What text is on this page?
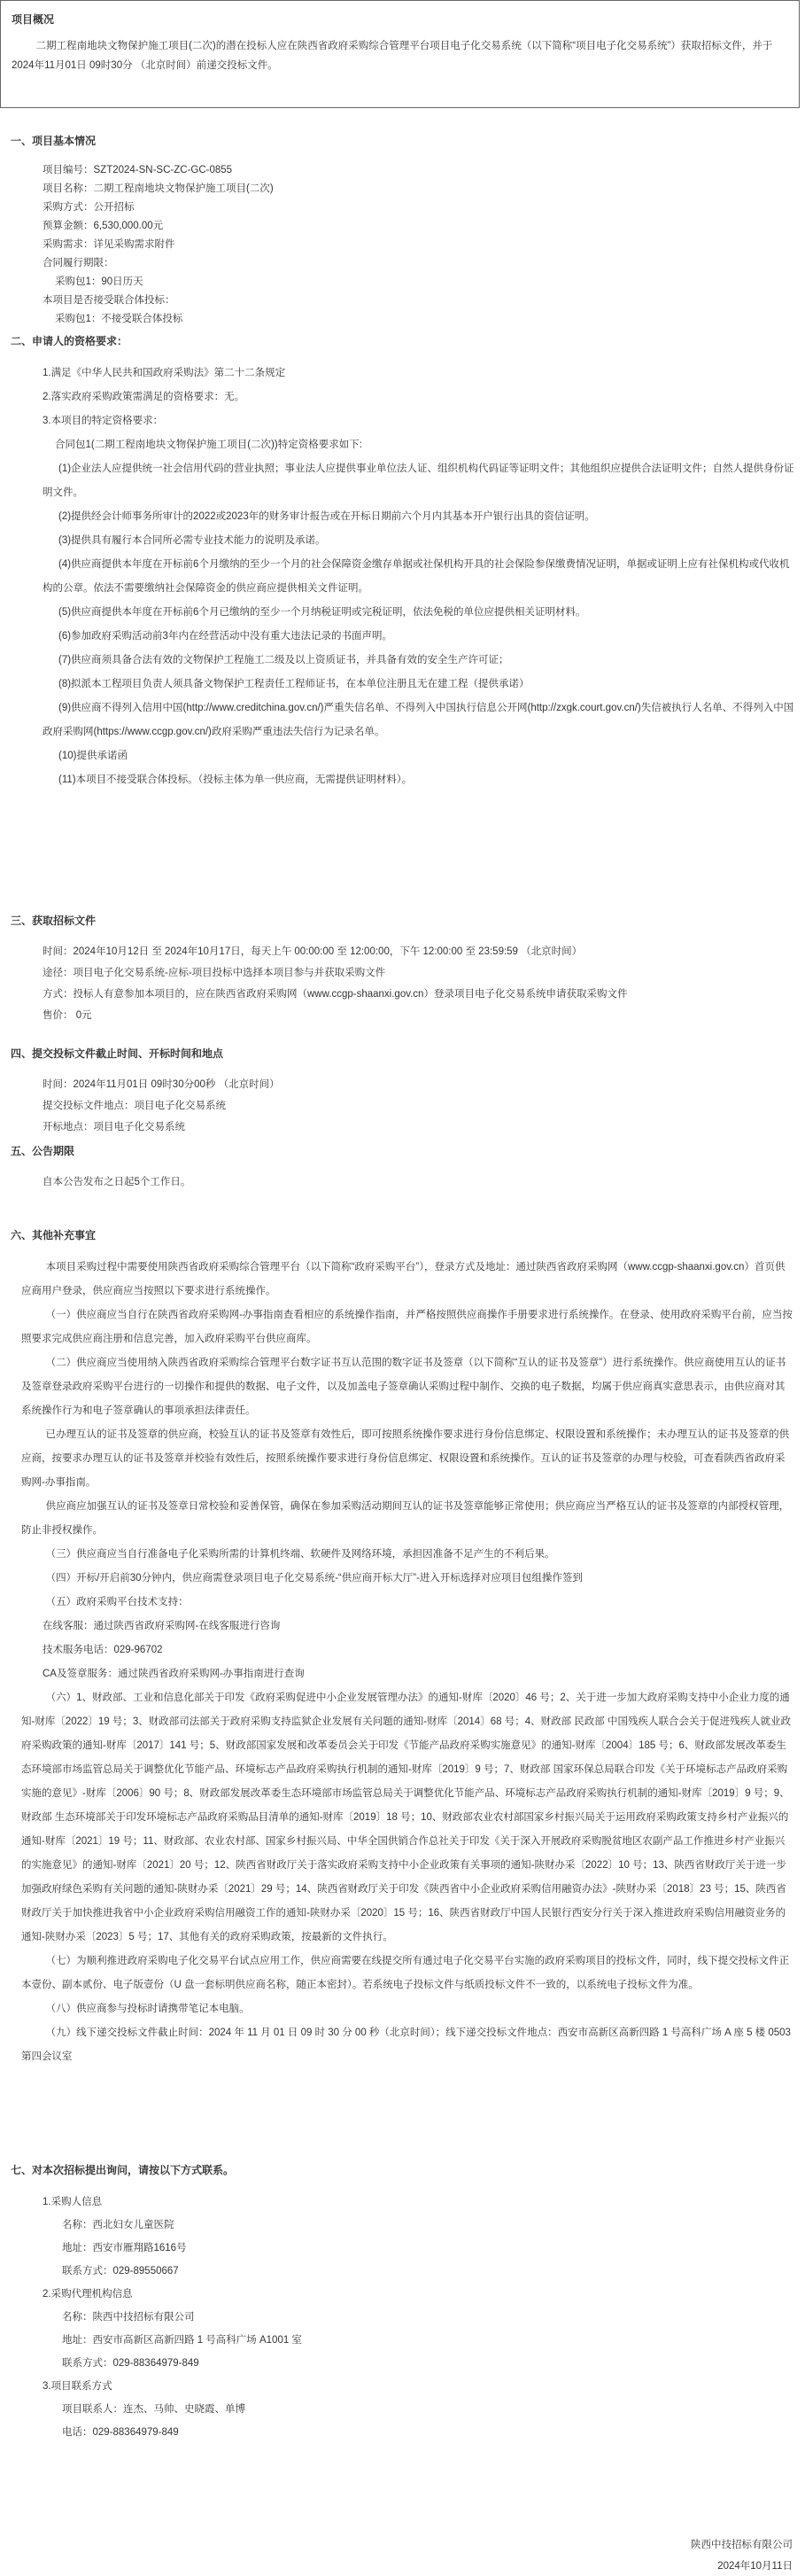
项目概况

二期工程南地块文物保护施工项目(二次)的潜在投标人应在陕西省政府采购综合管理平台项目电子化交易系统（以下简称“项目电子化交易系统”）获取招标文件，并于 2024年11月01日 09时30分 （北京时间）前递交投标文件。

一、项目基本情况

项目编号：SZT2024-SN-SC-ZC-GC-0855

项目名称：二期工程南地块文物保护施工项目(二次)

采购方式：公开招标

预算金额：6,530,000.00元

采购需求：详见采购需求附件

合同履行期限：

采购包1：90日历天

本项目是否接受联合体投标：

采购包1：不接受联合体投标

二、申请人的资格要求：

1.满足《中华人民共和国政府采购法》第二十二条规定

2.落实政府采购政策需满足的资格要求：无。

3.本项目的特定资格要求：

合同包1(二期工程南地块文物保护施工项目(二次))特定资格要求如下:

(1)企业法人应提供统一社会信用代码的营业执照；事业法人应提供事业单位法人证、组织机构代码证等证明文件；其他组织应提供合法证明文件；自然人提供身份证明文件。

(2)提供经会计师事务所审计的2022或2023年的财务审计报告或在开标日期前六个月内其基本开户银行出具的资信证明。

(3)提供具有履行本合同所必需专业技术能力的说明及承诺。

(4)供应商提供本年度在开标前6个月缴纳的至少一个月的社会保障资金缴存单据或社保机构开具的社会保险参保缴费情况证明，单据或证明上应有社保机构或代收机构的公章。依法不需要缴纳社会保障资金的供应商应提供相关文件证明。

(5)供应商提供本年度在开标前6个月已缴纳的至少一个月纳税证明或完税证明，依法免税的单位应提供相关证明材料。

(6)参加政府采购活动前3年内在经营活动中没有重大违法记录的书面声明。

(7)供应商须具备合法有效的文物保护工程施工二级及以上资质证书，并具备有效的安全生产许可证；

(8)拟派本工程项目负责人须具备文物保护工程责任工程师证书，在本单位注册且无在建工程（提供承诺）

(9)供应商不得列入信用中国(http://www.creditchina.gov.cn/)严重失信名单、不得列入中国执行信息公开网(http://zxgk.court.gov.cn/)失信被执行人名单、不得列入中国政府采购网(https://www.ccgp.gov.cn/)政府采购严重违法失信行为记录名单。

(10)提供承诺函

(11)本项目不接受联合体投标。（投标主体为单一供应商，无需提供证明材料）。

三、获取招标文件

时间：2024年10月12日 至 2024年10月17日，每天上午 00:00:00 至 12:00:00，下午 12:00:00 至 23:59:59 （北京时间）

途径：项目电子化交易系统-应标-项目投标中选择本项目参与并获取采购文件

方式：投标人有意参加本项目的，应在陕西省政府采购网（www.ccgp-shaanxi.gov.cn）登录项目电子化交易系统申请获取采购文件

售价： 0元

四、提交投标文件截止时间、开标时间和地点

时间：2024年11月01日 09时30分00秒 （北京时间）

提交投标文件地点：项目电子化交易系统

开标地点：项目电子化交易系统

五、公告期限

自本公告发布之日起5个工作日。

六、其他补充事宜

本项目采购过程中需要使用陕西省政府采购综合管理平台（以下简称“政府采购平台”），登录方式及地址：通过陕西省政府采购网（www.ccgp-shaanxi.gov.cn）首页供应商用户登录，供应商应当按照以下要求进行系统操作。

（一）供应商应当自行在陕西省政府采购网-办事指南查看相应的系统操作指南，并严格按照供应商操作手册要求进行系统操作。在登录、使用政府采购平台前，应当按照要求完成供应商注册和信息完善，加入政府采购平台供应商库。

（二）供应商应当使用纳入陕西省政府采购综合管理平台数字证书互认范围的数字证书及签章（以下简称“互认的证书及签章”）进行系统操作。供应商使用互认的证书及签章登录政府采购平台进行的一切操作和提供的数据、电子文件，以及加盖电子签章确认采购过程中制作、交换的电子数据，均属于供应商真实意思表示，由供应商对其系统操作行为和电子签章确认的事项承担法律责任。

已办理互认的证书及签章的供应商，校验互认的证书及签章有效性后，即可按照系统操作要求进行身份信息绑定、权限设置和系统操作；未办理互认的证书及签章的供应商，按要求办理互认的证书及签章并校验有效性后，按照系统操作要求进行身份信息绑定、权限设置和系统操作。互认的证书及签章的办理与校验，可查看陕西省政府采购网-办事指南。

供应商应加强互认的证书及签章日常校验和妥善保管，确保在参加采购活动期间互认的证书及签章能够正常使用；供应商应当严格互认的证书及签章的内部授权管理，防止非授权操作。

（三）供应商应当自行准备电子化采购所需的计算机终端、软硬件及网络环境，承担因准备不足产生的不利后果。

（四）开标/开启前30分钟内，供应商需登录项目电子化交易系统-“供应商开标大厅”-进入开标选择对应项目包组操作签到

（五）政府采购平台技术支持：

在线客服：通过陕西省政府采购网-在线客服进行咨询

技术服务电话：029-96702

CA及签章服务：通过陕西省政府采购网-办事指南进行查询

（六）1、财政部、工业和信息化部关于印发《政府采购促进中小企业发展管理办法》的通知-财库〔2020〕46 号；2、关于进一步加大政府采购支持中小企业力度的通知-财库〔2022〕19 号；3、财政部司法部关于政府采购支持监狱企业发展有关问题的通知-财库〔2014〕68 号；4、财政部 民政部 中国残疾人联合会关于促进残疾人就业政府采购政策的通知-财库〔2017〕141 号；5、财政部国家发展和改革委员会关于印发《节能产品政府采购实施意见》的通知-财库〔2004〕185 号；6、财政部发展改革委生态环境部市场监管总局关于调整优化节能产品、环境标志产品政府采购执行机制的通知-财库〔2019〕9 号；7、财政部 国家环保总局联合印发《关于环境标志产品政府采购实施的意见》-财库〔2006〕90 号；8、财政部发展改革委生态环境部市场监管总局关于调整优化节能产品、环境标志产品政府采购执行机制的通知-财库〔2019〕9 号；9、财政部 生态环境部关于印发环境标志产品政府采购品目清单的通知-财库〔2019〕18 号；10、财政部农业农村部国家乡村振兴局关于运用政府采购政策支持乡村产业振兴的通知-财库〔2021〕19 号；11、财政部、农业农村部、国家乡村振兴局、中华全国供销合作总社关于印发《关于深入开展政府采购脱贫地区农副产品工作推进乡村产业振兴的实施意见》的通知-财库〔2021〕20 号；12、陕西省财政厅关于落实政府采购支持中小企业政策有关事项的通知-陕财办采〔2022〕10 号；13、陕西省财政厅关于进一步加强政府绿色采购有关问题的通知-陕财办采〔2021〕29 号；14、陕西省财政厅关于印发《陕西省中小企业政府采购信用融资办法》-陕财办采〔2018〕23 号；15、陕西省财政厅关于加快推进我省中小企业政府采购信用融资工作的通知-陕财办采〔2020〕15 号；16、陕西省财政厅中国人民银行西安分行关于深入推进政府采购信用融资业务的通知-陕财办采〔2023〕5 号；17、其他有关的政府采购政策，按最新的文件执行。

（七）为顺利推进政府采购电子化交易平台试点应用工作，供应商需要在线提交所有通过电子化交易平台实施的政府采购项目的投标文件，同时，线下提交投标文件正本壹份、副本贰份、电子版壹份（U 盘一套标明供应商名称，随正本密封）。若系统电子投标文件与纸质投标文件不一致的，以系统电子投标文件为准。

（八）供应商参与投标时请携带笔记本电脑。

（九）线下递交投标文件截止时间：2024 年 11 月 01 日 09 时 30 分 00 秒（北京时间）；线下递交投标文件地点：西安市高新区高新四路 1 号高科广场 A 座 5 楼 0503 第四会议室

七、对本次招标提出询问，请按以下方式联系。

1.采购人信息

名称：西北妇女儿童医院

地址：西安市雁翔路1616号

联系方式：029-89550667

2.采购代理机构信息

名称：陕西中技招标有限公司

地址：西安市高新区高新四路 1 号高科广场 A1001 室

联系方式：029-88364979-849

3.项目联系方式

项目联系人：连杰、马帅、史晓霞、单博

电话：029-88364979-849

陕西中技招标有限公司

2024年10月11日
